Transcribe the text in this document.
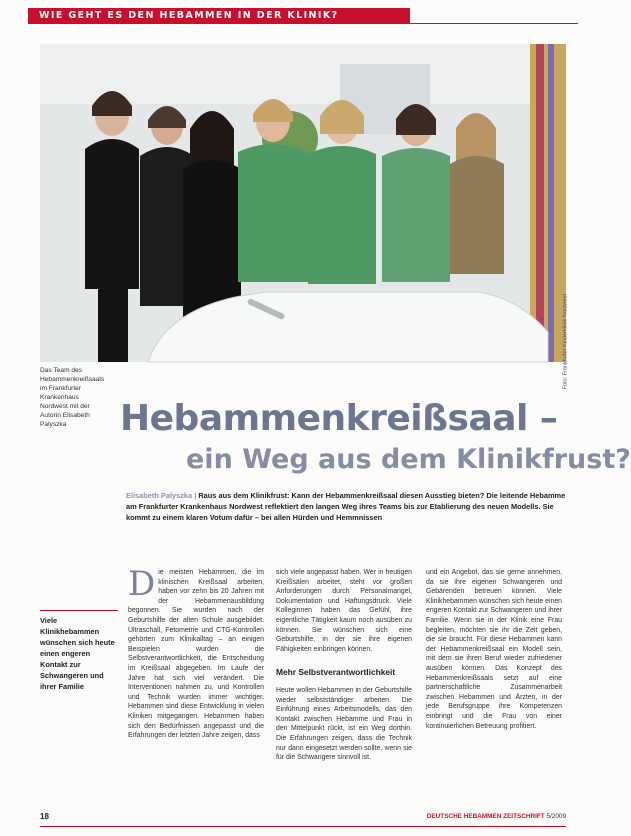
WIE GEHT ES DEN HEBAMMEN IN DER KLINIK?
Foto: Frankfurter Kinderklinik Nordwest
Das Team des Hebammenkreißsaals im Frankfurter Krankenhaus Nordwest mit der Autorin Elisabeth Palyszka	Hebammenkreißsaal –
ein Weg aus dem Klinikfrust?
Elisabeth Palyszka | Raus aus dem Klinikfrust: Kann der Hebammenkreißsaal diesen Ausstieg bieten? Die leitende Hebamme am Frankfurter Krankenhaus Nordwest reflektiert den langen Weg ihres Teams bis zur Etablierung des neuen Modells. Sie kommt zu einem klaren Votum dafür – bei allen Hürden und Hemmnissen
Viele Klinikhebammen wünschen sich heute einen engeren Kontakt zur Schwangeren und ihrer Familie
D ie meisten Hebammen, die im klinischen Kreißsaal arbeiten, haben vor zehn bis 20 Jahren mit der Hebammenausbildung begonnen. Sie wurden nach der Geburtshilfe der alten Schule ausgebildet. Ultraschall, Fetometrie und CTG-Kontrollen gehörten zum Klinikalltag – an einigen Beispielen wurden die Selbstverantwortlichkeit, die Entscheidung im Kreißsaal abgegeben. Im Laufe der Jahre hat sich viel verändert. Die Interventionen nahmen zu, und Kontrollen und Technik wurden immer wichtiger. Hebammen sind diese Entwicklung in vielen Kliniken mitgegangen. Hebammen haben sich den Bedürfnissen angepasst und die Erfahrungen der letzten Jahre zeigen, dass
sich viele angepasst haben. Wer in heutigen Kreißsälen arbeitet, steht vor großen Anforderungen durch Personalmangel, Dokumentation und Haftungsdruck. Viele Kolleginnen haben das Gefühl, ihre eigentliche Tätigkeit kaum noch ausüben zu können. Sie wünschen sich eine Geburtshilfe, in der sie ihre eigenen Fähigkeiten einbringen können.
Mehr Selbstverantwortlichkeit
Heute wollen Hebammen in der Geburtshilfe wieder selbstständiger arbeiten. Die Einführung eines Arbeitsmodells, das den Kontakt zwischen Hebamme und Frau in den Mittelpunkt rückt, ist ein Weg dorthin. Die Erfahrungen zeigen, dass die Technik nur dann eingesetzt werden sollte, wenn sie für die Schwangere sinnvoll ist.
und ein Angebot, das sie gerne annehmen, da sie ihre eigenen Schwangeren und Gebärenden betreuen können. Viele Klinikhebammen wünschen sich heute einen engeren Kontakt zur Schwangeren und ihrer Familie. Wenn sie in der Klinik eine Frau begleiten, möchten sie ihr die Zeit geben, die sie braucht. Für diese Hebammen kann der Hebammenkreißsaal ein Modell sein, mit dem sie ihren Beruf wieder zufriedener ausüben können. Das Konzept des Hebammenkreißsaals setzt auf eine partnerschaftliche Zusammenarbeit zwischen Hebammen und Ärzten, in der jede Berufsgruppe ihre Kompetenzen einbringt und die Frau von einer kontinuierlichen Betreuung profitiert.
18	DEUTSCHE HEBAMMEN ZEITSCHRIFT 5/2009
